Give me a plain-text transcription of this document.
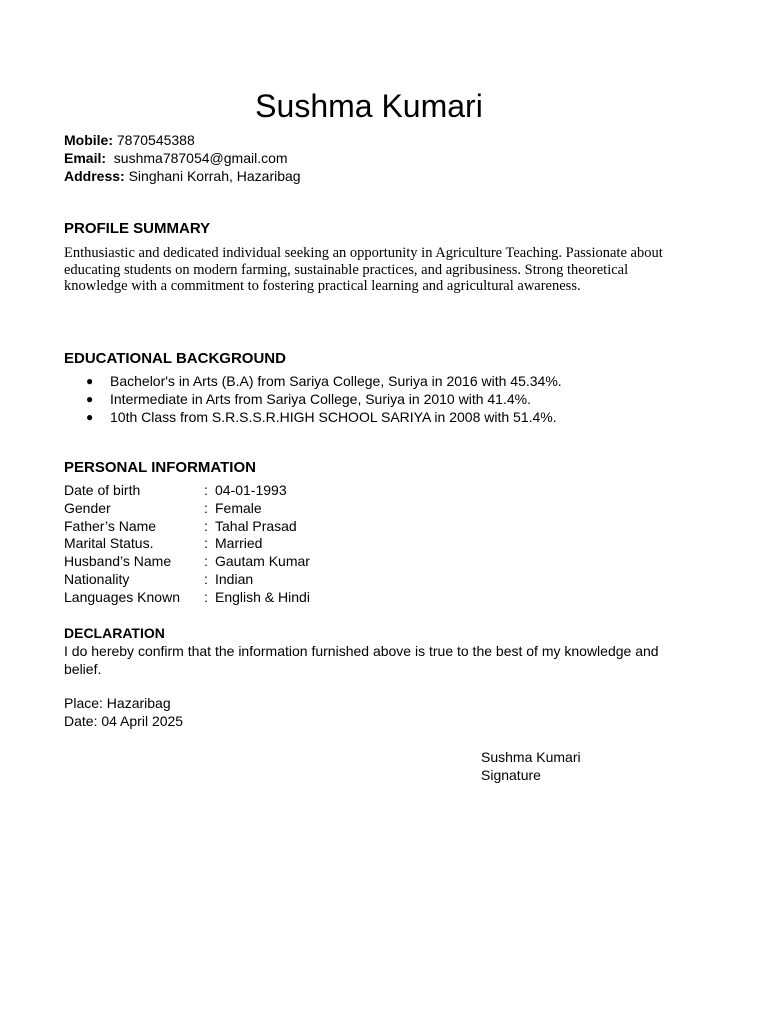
Sushma Kumari
Mobile: 7870545388
Email: sushma787054@gmail.com
Address: Singhani Korrah, Hazaribag
PROFILE SUMMARY
Enthusiastic and dedicated individual seeking an opportunity in Agriculture Teaching. Passionate about educating students on modern farming, sustainable practices, and agribusiness. Strong theoretical knowledge with a commitment to fostering practical learning and agricultural awareness.
EDUCATIONAL BACKGROUND
● Bachelor's in Arts (B.A) from Sariya College, Suriya in 2016 with 45.34%.
● Intermediate in Arts from Sariya College, Suriya in 2010 with 41.4%.
● 10th Class from S.R.S.S.R.HIGH SCHOOL SARIYA in 2008 with 51.4%.
PERSONAL INFORMATION
Date of birth	: 04-01-1993
Gender	: Female
Father’s Name	: Tahal Prasad
Marital Status.	: Married
Husband’s Name	: Gautam Kumar
Nationality	: Indian
Languages Known	: English & Hindi
DECLARATION
I do hereby confirm that the information furnished above is true to the best of my knowledge and belief.
Place: Hazaribag
Date: 04 April 2025
Sushma Kumari
Signature
